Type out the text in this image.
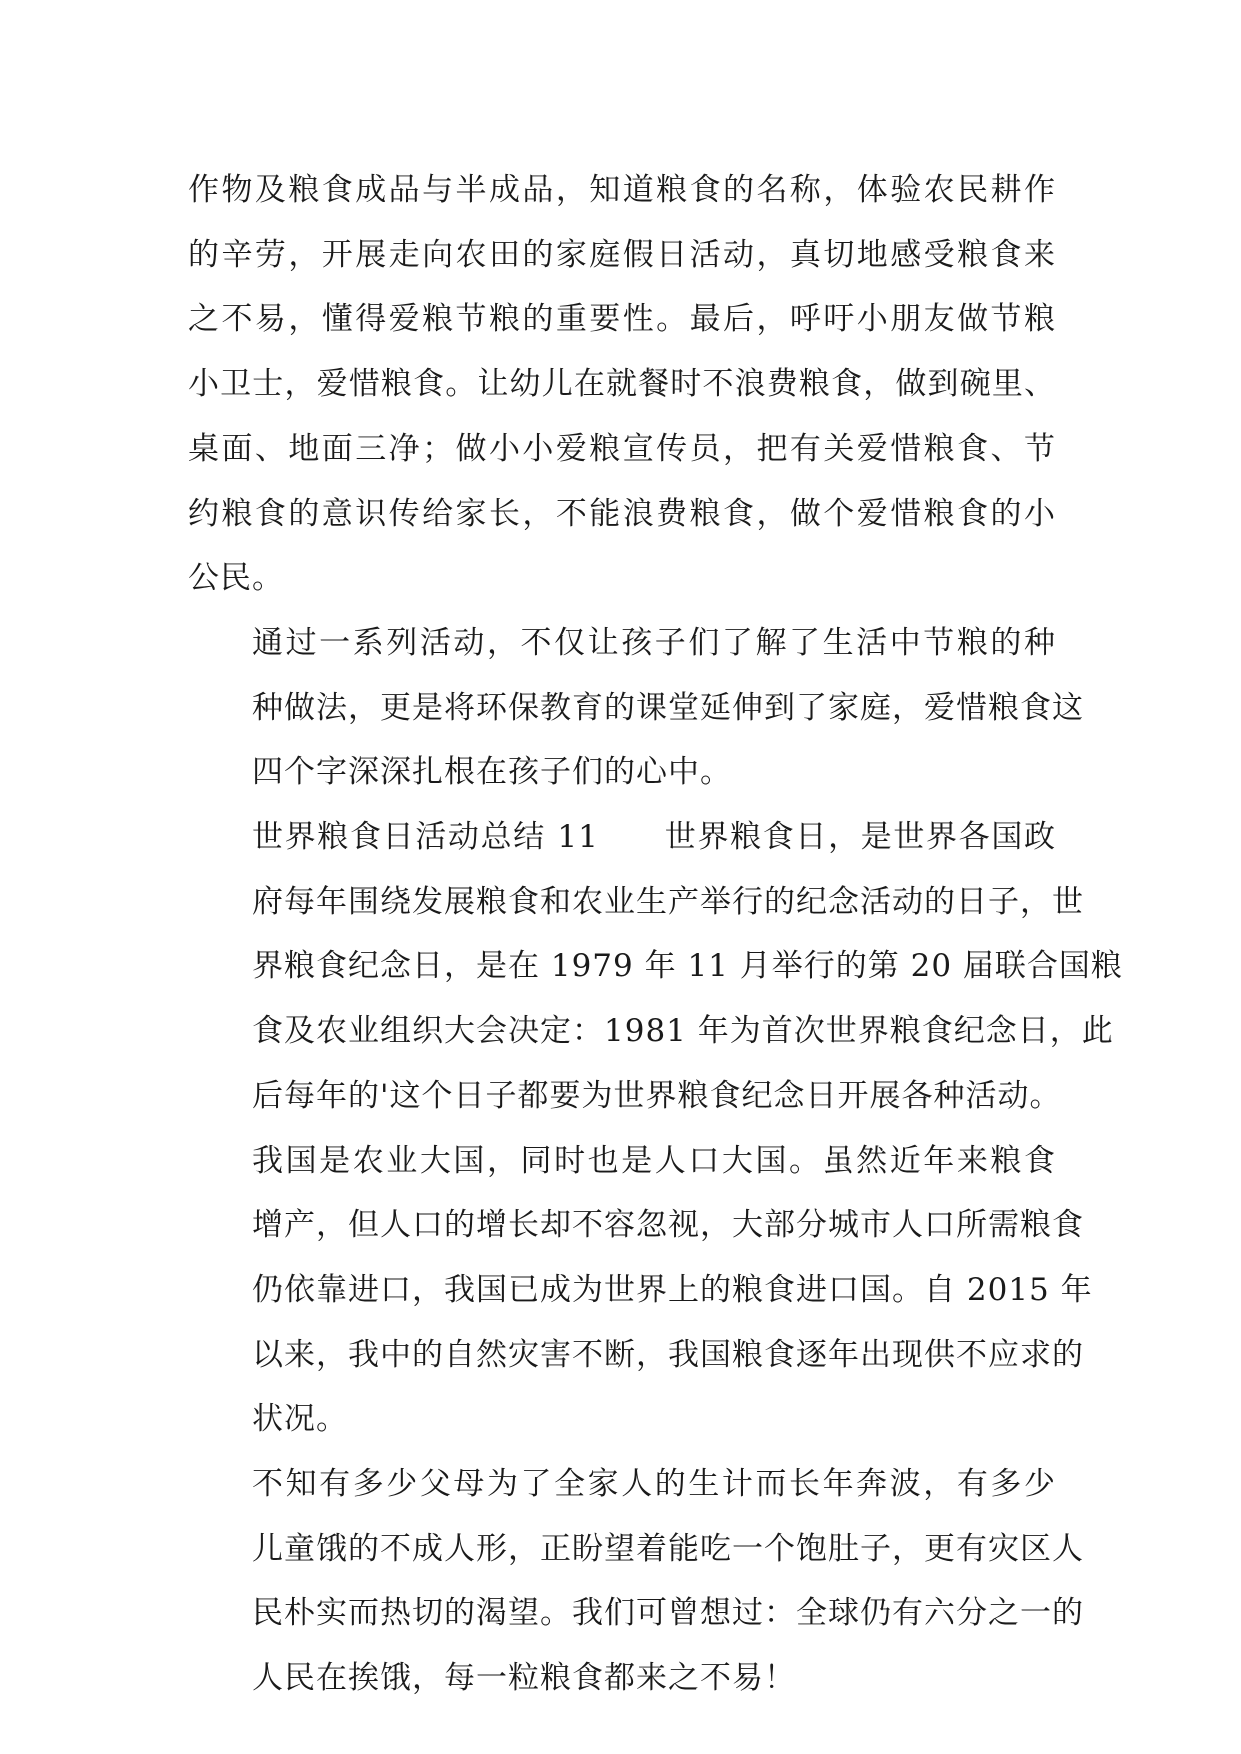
作物及粮食成品与半成品，知道粮食的名称，体验农民耕作
的辛劳，开展走向农田的家庭假日活动，真切地感受粮食来
之不易，懂得爱粮节粮的重要性。最后，呼吁小朋友做节粮
小卫士，爱惜粮食。让幼儿在就餐时不浪费粮食，做到碗里、
桌面、地面三净；做小小爱粮宣传员，把有关爱惜粮食、节
约粮食的意识传给家长，不能浪费粮食，做个爱惜粮食的小
公民。
通过一系列活动，不仅让孩子们了解了生活中节粮的种
种做法，更是将环保教育的课堂延伸到了家庭，爱惜粮食这
四个字深深扎根在孩子们的心中。
世界粮食日活动总结 11　　世界粮食日，是世界各国政
府每年围绕发展粮食和农业生产举行的纪念活动的日子，世
界粮食纪念日，是在 1979 年 11 月举行的第 20 届联合国粮
食及农业组织大会决定：1981 年为首次世界粮食纪念日，此
后每年的'这个日子都要为世界粮食纪念日开展各种活动。
我国是农业大国，同时也是人口大国。虽然近年来粮食
增产，但人口的增长却不容忽视，大部分城市人口所需粮食
仍依靠进口，我国已成为世界上的粮食进口国。自 2015 年
以来，我中的自然灾害不断，我国粮食逐年出现供不应求的
状况。
不知有多少父母为了全家人的生计而长年奔波，有多少
儿童饿的不成人形，正盼望着能吃一个饱肚子，更有灾区人
民朴实而热切的渴望。我们可曾想过：全球仍有六分之一的
人民在挨饿，每一粒粮食都来之不易！
